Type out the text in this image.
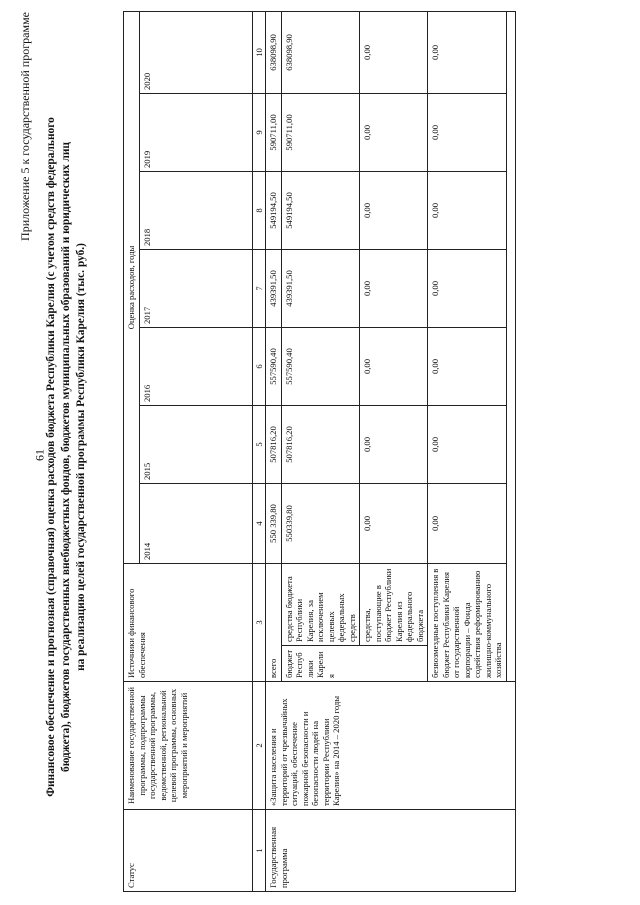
61
Приложение 5 к государственной программе Финансовое обеспечение и прогнозная (справочная) оценка расходов бюджета Республики Карелия (с учетом средств федерального бюджета), бюджетов государственных внебюджетных фондов, бюджетов муниципальных образований и юридических лиц на реализацию целей государственной программы Республики Карелия (тыс. руб.)
Статус	Наименование государственной программы, подпрограммы государственной программы, ведомственной, региональной целевой программы, основных мероприятий и мероприятий	Источники финансового обеспечения		Оценка расходов, годы						
				2014	2015	2016	2017	2018	2019	2020
1	2	3		4	5	6	7	8	9	10
Государственная программа	«Защита населения и территорий от чрезвычайных ситуаций, обеспечение пожарной безопасности и безопасности людей на территории Республики Карелия» на 2014 – 2020 годы	всего		550 339,80	507816,20	557590,40	439391,50	549194,50	590711,00	638098,90
		бюджет Республики Карелия	средства бюджета Республики Карелия, за исключением целевых федеральных средств	550339,80	507816,20	557590,40	439391,50	549194,50	590711,00	638098,90
			средства, поступающие в бюджет Республики Карелия из федерального бюджета	0,00	0,00	0,00	0,00	0,00	0,00	0,00
		безвозмездные поступления в бюджет Республики Карелия от государственной корпорации – Фонда содействия реформированию жилищно-коммунального хозяйства		0,00	0,00	0,00	0,00	0,00	0,00	0,00
